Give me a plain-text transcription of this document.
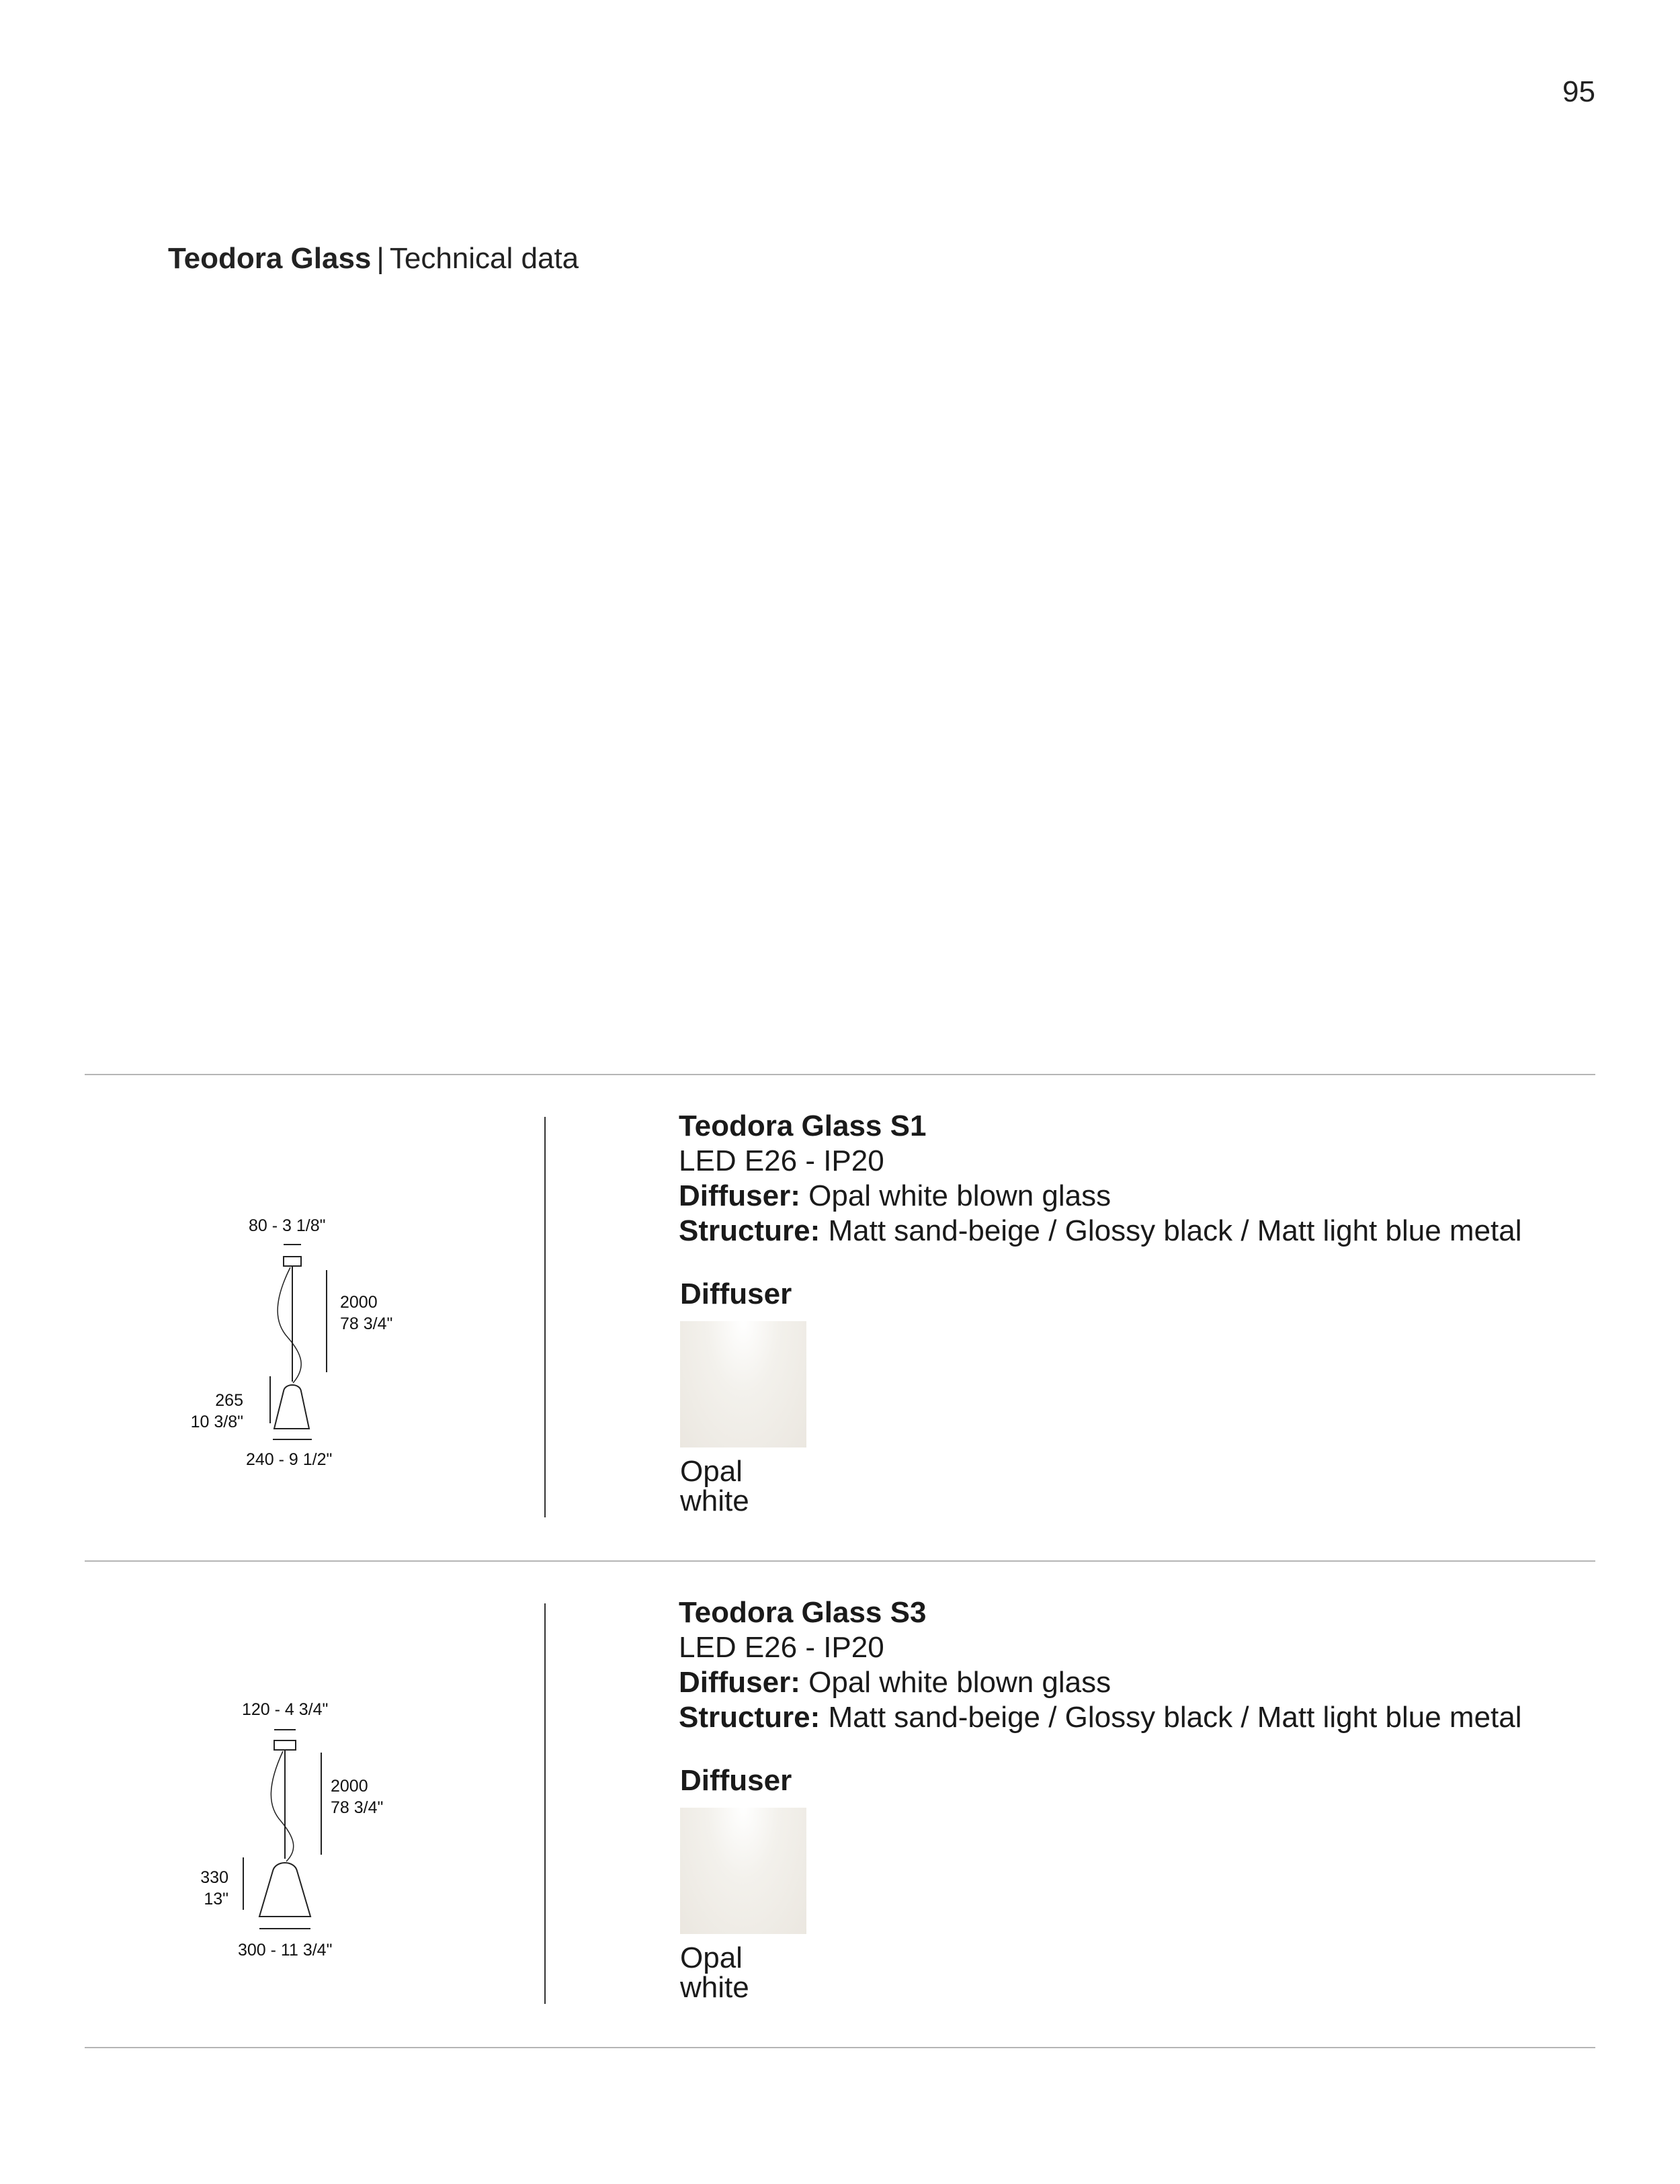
95
Teodora Glass | Technical data
80 - 3 1/8"
2000
78 3/4"
265
10 3/8"
240 - 9 1/2"
Teodora Glass S1
LED E26 - IP20
Diffuser: Opal white blown glass
Structure: Matt sand-beige / Glossy black / Matt light blue metal
Diffuser
Opal white
120 - 4 3/4"
2000
78 3/4"
330
13"
300 - 11 3/4"
Teodora Glass S3
LED E26 - IP20
Diffuser: Opal white blown glass
Structure: Matt sand-beige / Glossy black / Matt light blue metal
Diffuser
Opal white
